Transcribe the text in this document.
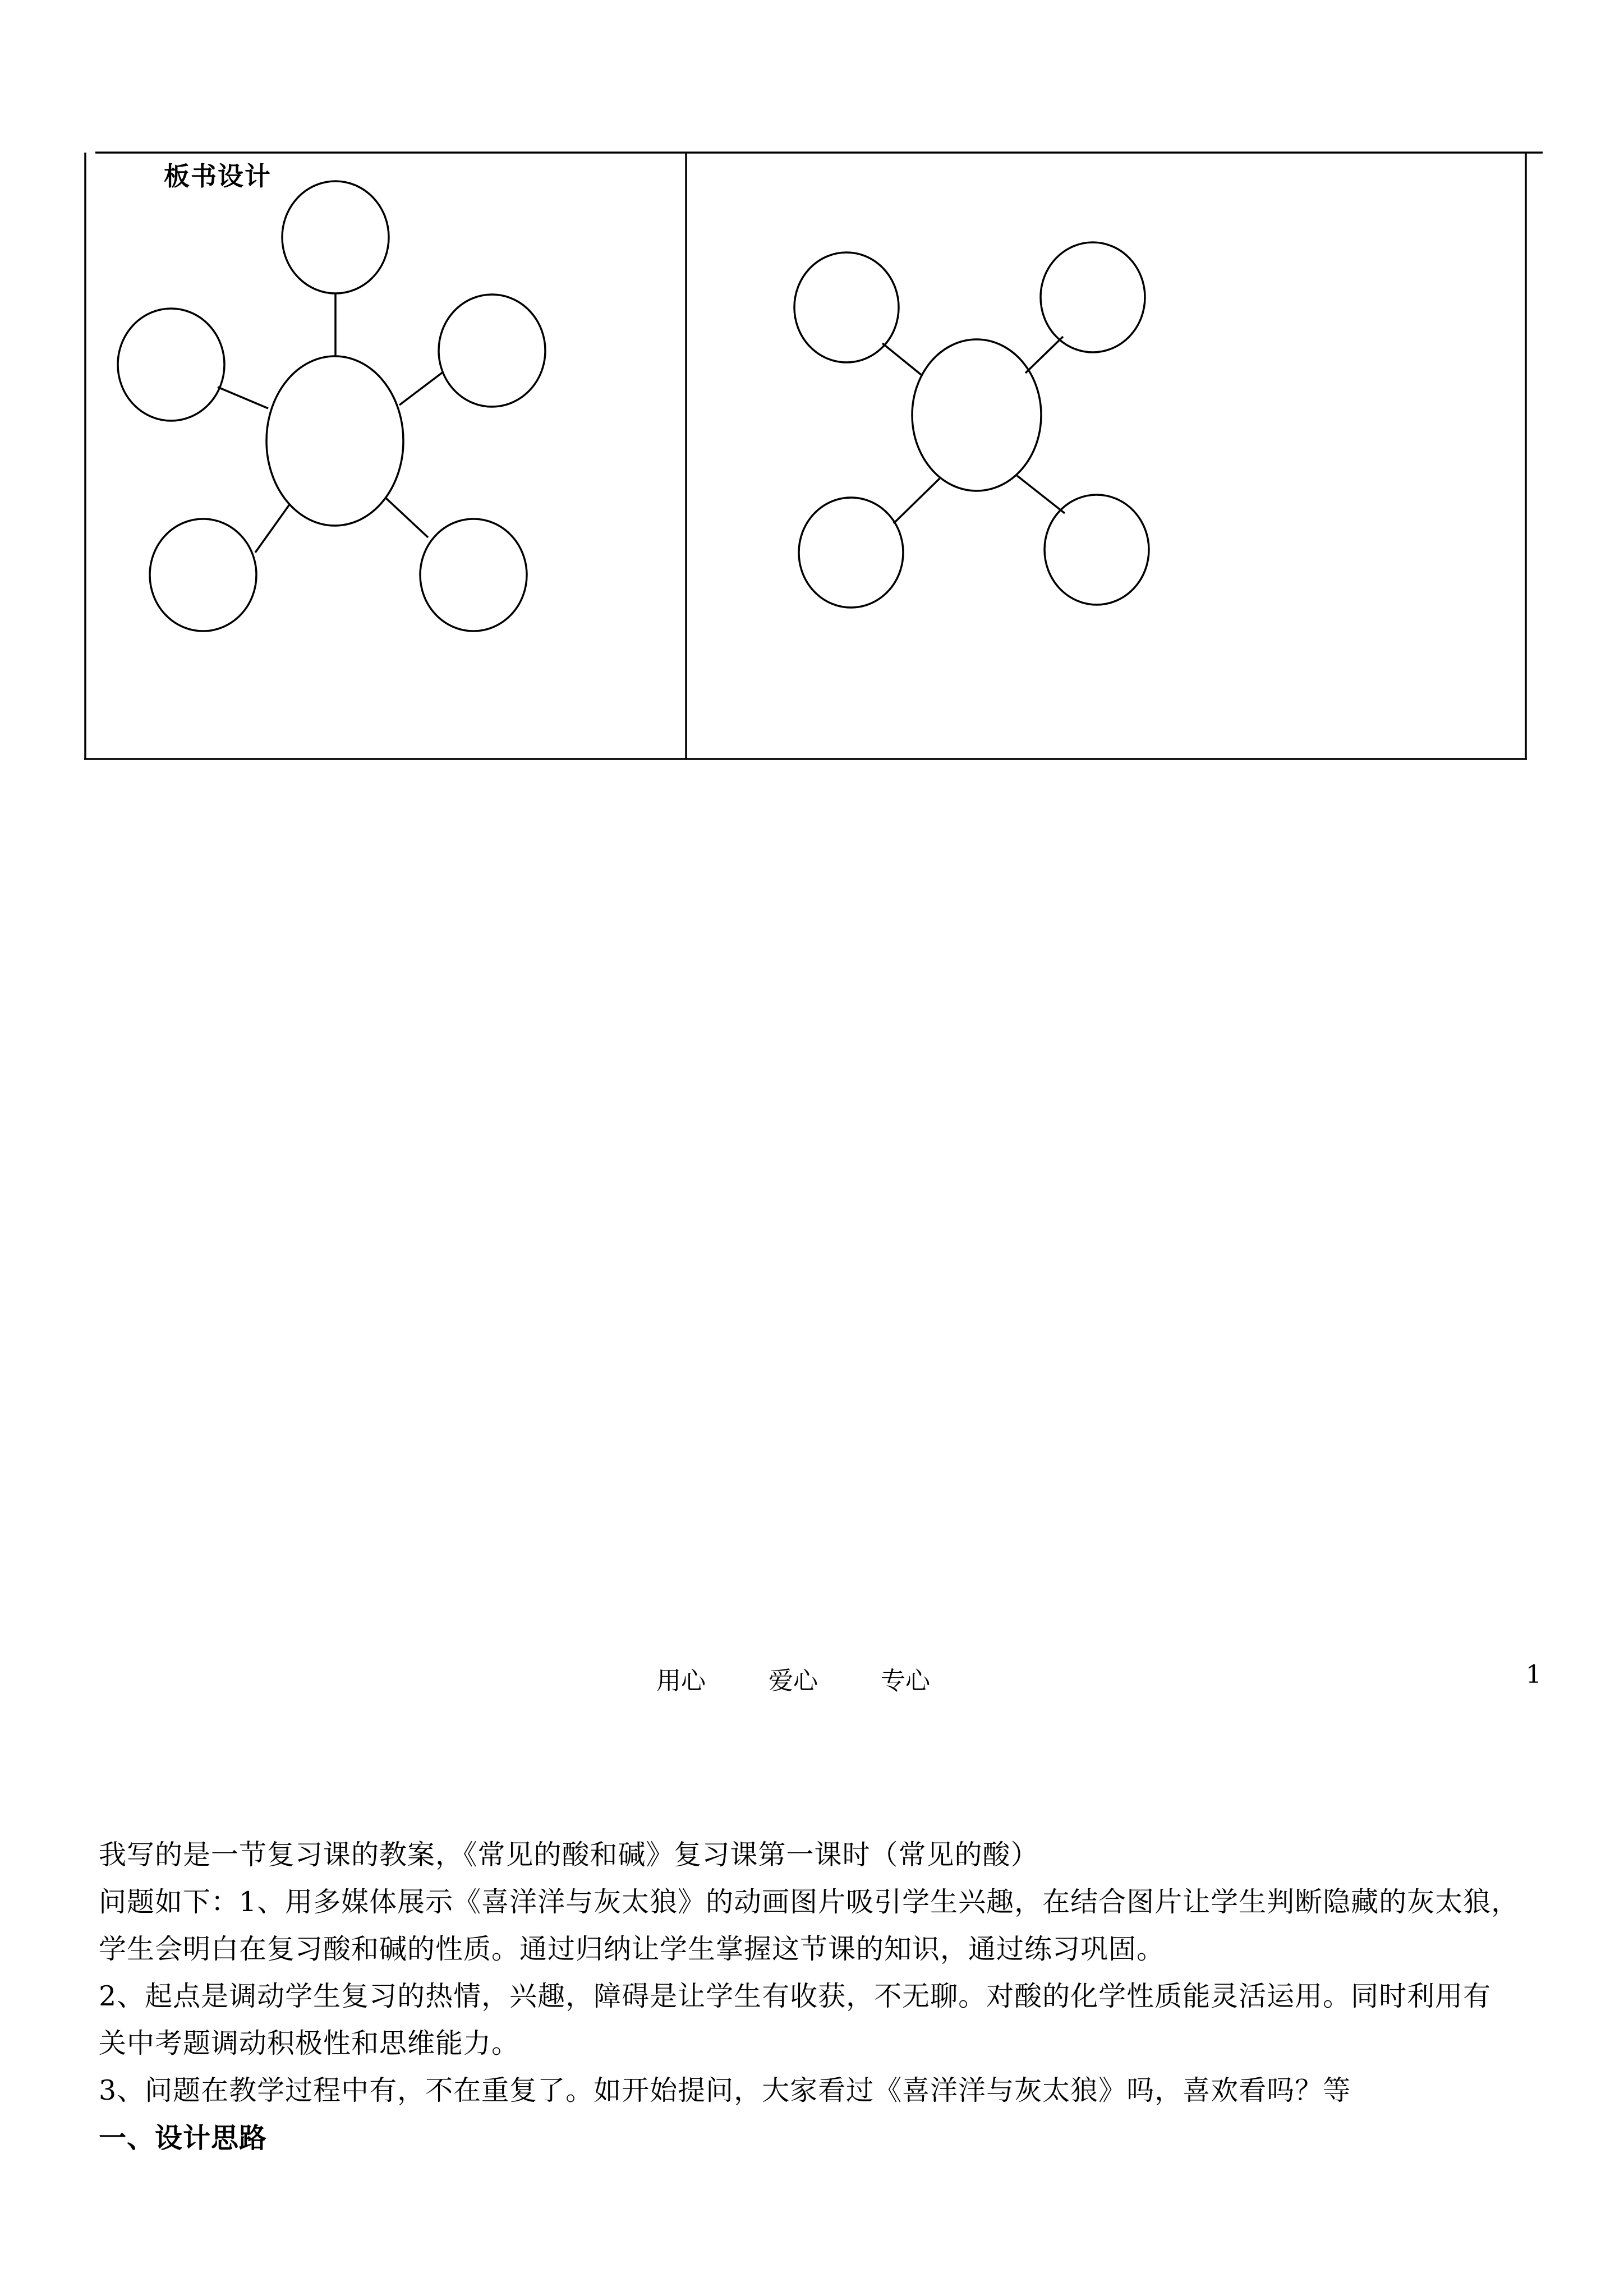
板书设计
我写的是一节复习课的教案，《常见的酸和碱》复习课第一课时（常见的酸）
问题如下：1、用多媒体展示《喜洋洋与灰太狼》的动画图片吸引学生兴趣，在结合图片让学生判断隐藏的灰太狼，
学生会明白在复习酸和碱的性质。通过归纳让学生掌握这节课的知识，通过练习巩固。
2、起点是调动学生复习的热情，兴趣，障碍是让学生有收获，不无聊。对酸的化学性质能灵活运用。同时利用有
关中考题调动积极性和思维能力。
3、问题在教学过程中有，不在重复了。如开始提问，大家看过《喜洋洋与灰太狼》吗，喜欢看吗？等
一、设计思路
用心	爱心	专心	1
